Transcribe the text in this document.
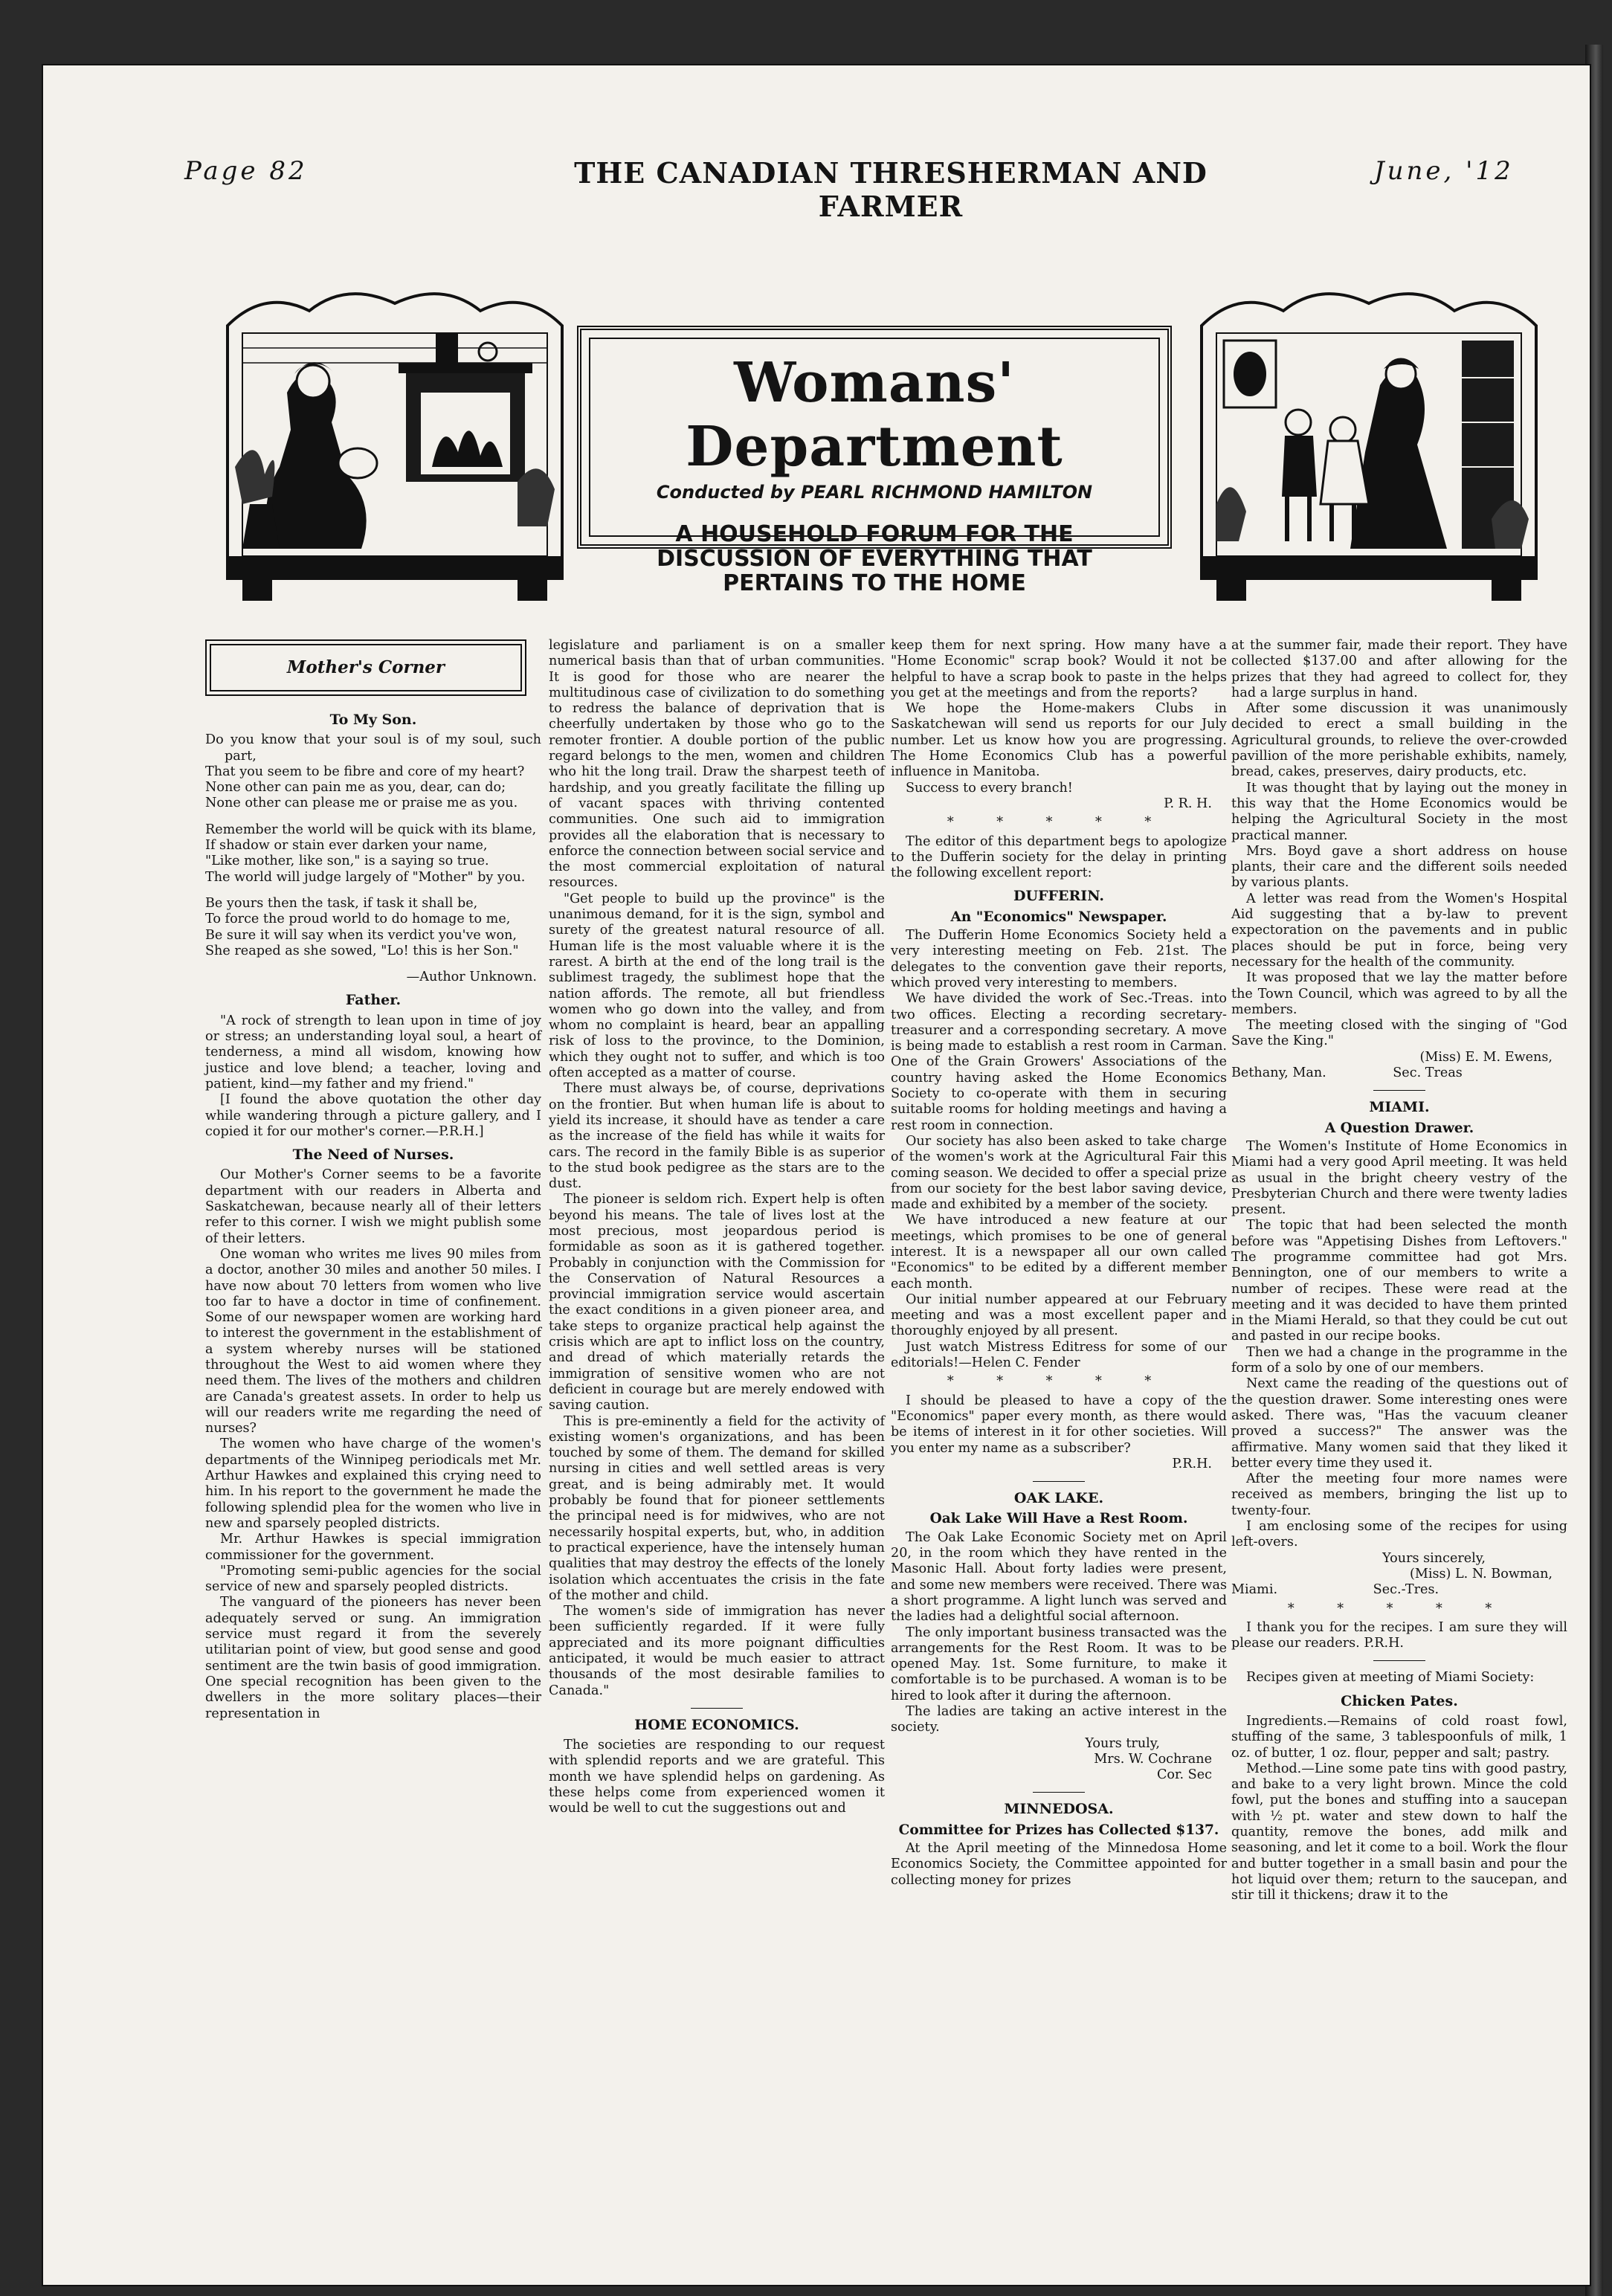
Page 82	THE CANADIAN THRESHERMAN AND FARMER
June, '12
Womans' Department
Conducted by PEARL RICHMOND HAMILTON
A HOUSEHOLD FORUM FOR THE DISCUSSION OF EVERYTHING THAT PERTAINS TO THE HOME
Mother's Corner
To My Son.
Do you know that your soul is of my soul, such part,
That you seem to be fibre and core of my heart?
None other can pain me as you, dear, can do;
None other can please me or praise me as you.
Remember the world will be quick with its blame,
If shadow or stain ever darken your name,
"Like mother, like son," is a saying so true.
The world will judge largely of "Mother" by you.
Be yours then the task, if task it shall be,
To force the proud world to do homage to me,
Be sure it will say when its verdict you've won,
She reaped as she sowed, "Lo! this is her Son."
—Author Unknown.
Father.

"A rock of strength to lean upon in time of joy or stress; an understanding loyal soul, a heart of tenderness, a mind all wisdom, knowing how justice and love blend; a teacher, loving and patient, kind—my father and my friend."

[I found the above quotation the other day while wandering through a picture gallery, and I copied it for our mother's corner.—P.R.H.]

The Need of Nurses.

Our Mother's Corner seems to be a favorite department with our readers in Alberta and Saskatchewan, because nearly all of their letters refer to this corner. I wish we might publish some of their letters.

One woman who writes me lives 90 miles from a doctor, another 30 miles and another 50 miles. I have now about 70 letters from women who live too far to have a doctor in time of confinement. Some of our newspaper women are working hard to interest the government in the establishment of a system whereby nurses will be stationed throughout the West to aid women where they need them. The lives of the mothers and children are Canada's greatest assets. In order to help us will our readers write me regarding the need of nurses?

The women who have charge of the women's departments of the Winnipeg periodicals met Mr. Arthur Hawkes and explained this crying need to him. In his report to the government he made the following splendid plea for the women who live in new and sparsely peopled districts.

Mr. Arthur Hawkes is special immigration commissioner for the government.

"Promoting semi-public agencies for the social service of new and sparsely peopled districts.

The vanguard of the pioneers has never been adequately served or sung. An immigration service must regard it from the severely utilitarian point of view, but good sense and good sentiment are the twin basis of good immigration. One special recognition has been given to the dwellers in the more solitary places—their representation in

legislature and parliament is on a smaller numerical basis than that of urban communities. It is good for those who are nearer the multitudinous case of civilization to do something to redress the balance of deprivation that is cheerfully undertaken by those who go to the remoter frontier. A double portion of the public regard belongs to the men, women and children who hit the long trail. Draw the sharpest teeth of hardship, and you greatly facilitate the filling up of vacant spaces with thriving contented communities. One such aid to immigration provides all the elaboration that is necessary to enforce the connection between social service and the most commercial exploitation of natural resources.

"Get people to build up the province" is the unanimous demand, for it is the sign, symbol and surety of the greatest natural resource of all. Human life is the most valuable where it is the rarest. A birth at the end of the long trail is the sublimest tragedy, the sublimest hope that the nation affords. The remote, all but friendless women who go down into the valley, and from whom no complaint is heard, bear an appalling risk of loss to the province, to the Dominion, which they ought not to suffer, and which is too often accepted as a matter of course.

There must always be, of course, deprivations on the frontier. But when human life is about to yield its increase, it should have as tender a care as the increase of the field has while it waits for cars. The record in the family Bible is as superior to the stud book pedigree as the stars are to the dust.

The pioneer is seldom rich. Expert help is often beyond his means. The tale of lives lost at the most precious, most jeopardous period is formidable as soon as it is gathered together. Probably in conjunction with the Commission for the Conservation of Natural Resources a provincial immigration service would ascertain the exact conditions in a given pioneer area, and take steps to organize practical help against the crisis which are apt to inflict loss on the country, and dread of which materially retards the immigration of sensitive women who are not deficient in courage but are merely endowed with saving caution.

This is pre-eminently a field for the activity of existing women's organizations, and has been touched by some of them. The demand for skilled nursing in cities and well settled areas is very great, and is being admirably met. It would probably be found that for pioneer settlements the principal need is for midwives, who are not necessarily hospital experts, but, who, in addition to practical experience, have the intensely human qualities that may destroy the effects of the lonely isolation which accentuates the crisis in the fate of the mother and child.

The women's side of immigration has never been sufficiently regarded. If it were fully appreciated and its more poignant difficulties anticipated, it would be much easier to attract thousands of the most desirable families to Canada."

HOME ECONOMICS.

The societies are responding to our request with splendid reports and we are grateful. This month we have splendid helps on gardening. As these helps come from experienced women it would be well to cut the suggestions out and

keep them for next spring. How many have a "Home Economic" scrap book? Would it not be helpful to have a scrap book to paste in the helps you get at the meetings and from the reports?

We hope the Home-makers Clubs in Saskatchewan will send us reports for our July number. Let us know how you are progressing. The Home Economics Club has a powerful influence in Manitoba.

Success to every branch!

P. R. H.
* * * * *

The editor of this department begs to apologize to the Dufferin society for the delay in printing the following excellent report:

DUFFERIN.
An "Economics" Newspaper.

The Dufferin Home Economics Society held a very interesting meeting on Feb. 21st. The delegates to the convention gave their reports, which proved very interesting to members.

We have divided the work of Sec.-Treas. into two offices. Electing a recording secretary-treasurer and a corresponding secretary. A move is being made to establish a rest room in Carman. One of the Grain Growers' Associations of the country having asked the Home Economics Society to co-operate with them in securing suitable rooms for holding meetings and having a rest room in connection.

Our society has also been asked to take charge of the women's work at the Agricultural Fair this coming season. We decided to offer a special prize from our society for the best labor saving device, made and exhibited by a member of the society.

We have introduced a new feature at our meetings, which promises to be one of general interest. It is a newspaper all our own called "Economics" to be edited by a different member each month.

Our initial number appeared at our February meeting and was a most excellent paper and thoroughly enjoyed by all present.

Just watch Mistress Editress for some of our editorials!—Helen C. Fender

* * * * *

I should be pleased to have a copy of the "Economics" paper every month, as there would be items of interest in it for other societies. Will you enter my name as a subscriber?

P.R.H.
OAK LAKE.
Oak Lake Will Have a Rest Room.

The Oak Lake Economic Society met on April 20, in the room which they have rented in the Masonic Hall. About forty ladies were present, and some new members were received. There was a short programme. A light lunch was served and the ladies had a delightful social afternoon.

The only important business transacted was the arrangements for the Rest Room. It was to be opened May. 1st. Some furniture, to make it comfortable is to be purchased. A woman is to be hired to look after it during the afternoon.

The ladies are taking an active interest in the society.

Yours truly,
Mrs. W. Cochrane
Cor. Sec
MINNEDOSA.
Committee for Prizes has Collected $137.

At the April meeting of the Minnedosa Home Economics Society, the Committee appointed for collecting money for prizes

at the summer fair, made their report. They have collected $137.00 and after allowing for the prizes that they had agreed to collect for, they had a large surplus in hand.

After some discussion it was unanimously decided to erect a small building in the Agricultural grounds, to relieve the over-crowded pavillion of the more perishable exhibits, namely, bread, cakes, preserves, dairy products, etc.

It was thought that by laying out the money in this way that the Home Economics would be helping the Agricultural Society in the most practical manner.

Mrs. Boyd gave a short address on house plants, their care and the different soils needed by various plants.

A letter was read from the Women's Hospital Aid suggesting that a by-law to prevent expectoration on the pavements and in public places should be put in force, being very necessary for the health of the community.

It was proposed that we lay the matter before the Town Council, which was agreed to by all the members.

The meeting closed with the singing of "God Save the King."

(Miss) E. M. Ewens,
Bethany, Man.                Sec. Treas
MIAMI.
A Question Drawer.

The Women's Institute of Home Economics in Miami had a very good April meeting. It was held as usual in the bright cheery vestry of the Presbyterian Church and there were twenty ladies present.

The topic that had been selected the month before was "Appetising Dishes from Leftovers." The programme committee had got Mrs. Bennington, one of our members to write a number of recipes. These were read at the meeting and it was decided to have them printed in the Miami Herald, so that they could be cut out and pasted in our recipe books.

Then we had a change in the programme in the form of a solo by one of our members.

Next came the reading of the questions out of the question drawer. Some interesting ones were asked. There was, "Has the vacuum cleaner proved a success?" The answer was the affirmative. Many women said that they liked it better every time they used it.

After the meeting four more names were received as members, bringing the list up to twenty-four.

I am enclosing some of the recipes for using left-overs.

Yours sincerely,
(Miss) L. N. Bowman,
Miami.                       Sec.-Tres.
* * * * *

I thank you for the recipes. I am sure they will please our readers. P.R.H.

Recipes given at meeting of Miami Society:

Chicken Pates.

Ingredients.—Remains of cold roast fowl, stuffing of the same, 3 tablespoonfuls of milk, 1 oz. of butter, 1 oz. flour, pepper and salt; pastry.

Method.—Line some pate tins with good pastry, and bake to a very light brown. Mince the cold fowl, put the bones and stuffing into a saucepan with ½ pt. water and stew down to half the quantity, remove the bones, add milk and seasoning, and let it come to a boil. Work the flour and butter together in a small basin and pour the hot liquid over them; return to the saucepan, and stir till it thickens; draw it to the
